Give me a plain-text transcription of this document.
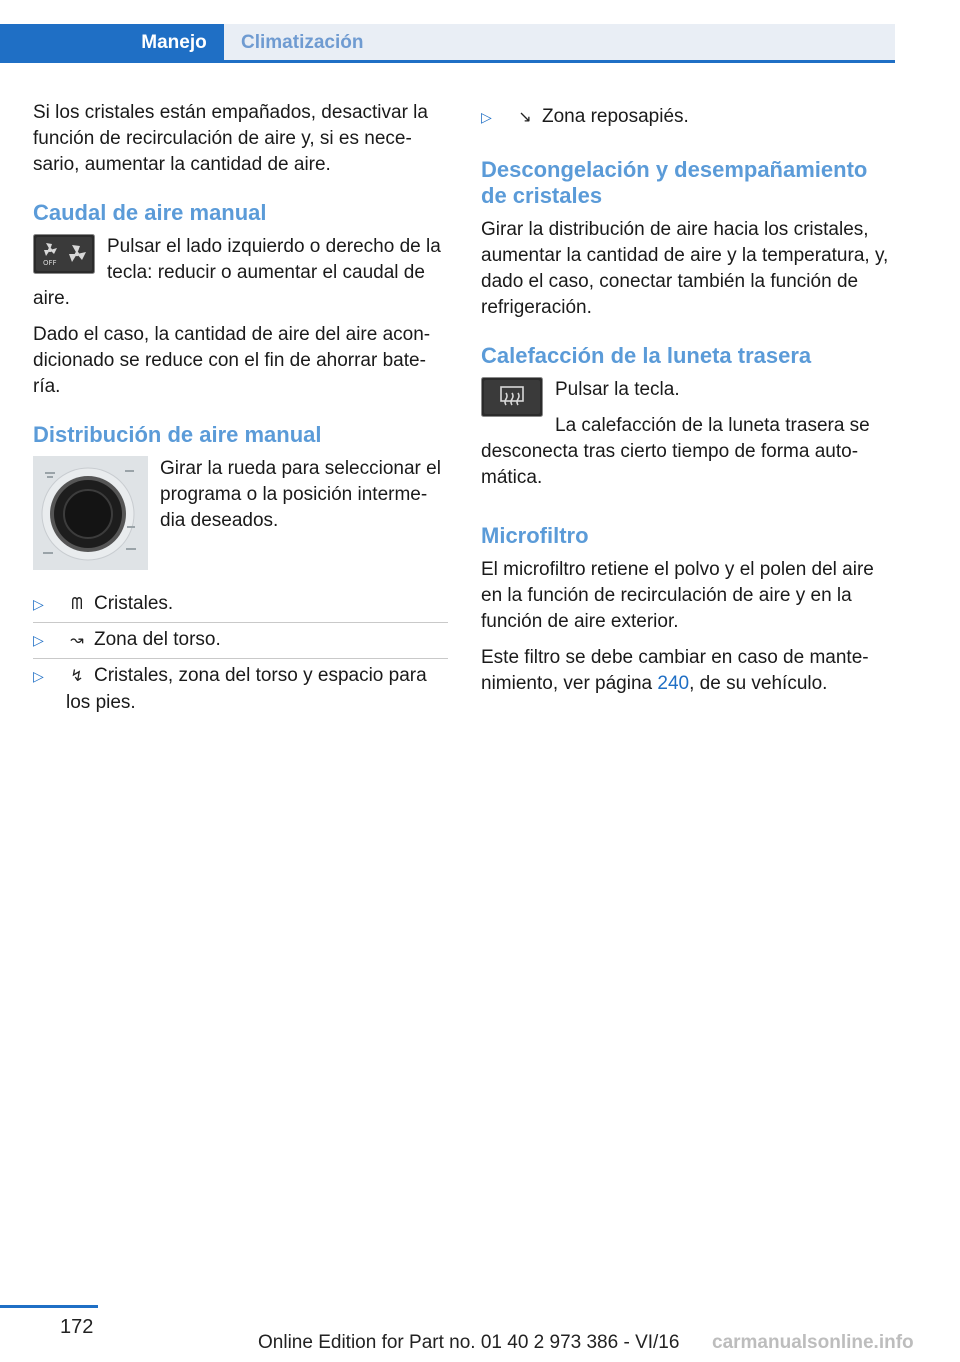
Manejo	Climatización

Si los cristales están empañados, desactivar la función de recirculación de aire y, si es nece-sario, aumentar la cantidad de aire.

Caudal de aire manual
OFF

Pulsar el lado izquierdo o derecho de la tecla: reducir o aumentar el caudal de aire.

Dado el caso, la cantidad de aire del aire acon-dicionado se reduce con el fin de ahorrar bate-ría.

Distribución de aire manual

Girar la rueda para seleccionar el programa o la posición interme-dia deseados.

▷ ᗰ Cristales.
▷ ↝ Zona del torso.
▷ ↯ Cristales, zona del torso y espacio para los pies.
▷ ↘ Zona reposapiés.
Descongelación y desempañamiento de cristales

Girar la distribución de aire hacia los cristales, aumentar la cantidad de aire y la temperatura, y, dado el caso, conectar también la función de refrigeración.

Calefacción de la luneta trasera

Pulsar la tecla.

La calefacción de la luneta trasera se desconecta tras cierto tiempo de forma auto-mática.

Microfiltro

El microfiltro retiene el polvo y el polen del aire en la función de recirculación de aire y en la función de aire exterior.

Este filtro se debe cambiar en caso de mante-nimiento, ver página 240, de su vehículo.

172
Online Edition for Part no. 01 40 2 973 386 - VI/16 carmanualsonline.info
